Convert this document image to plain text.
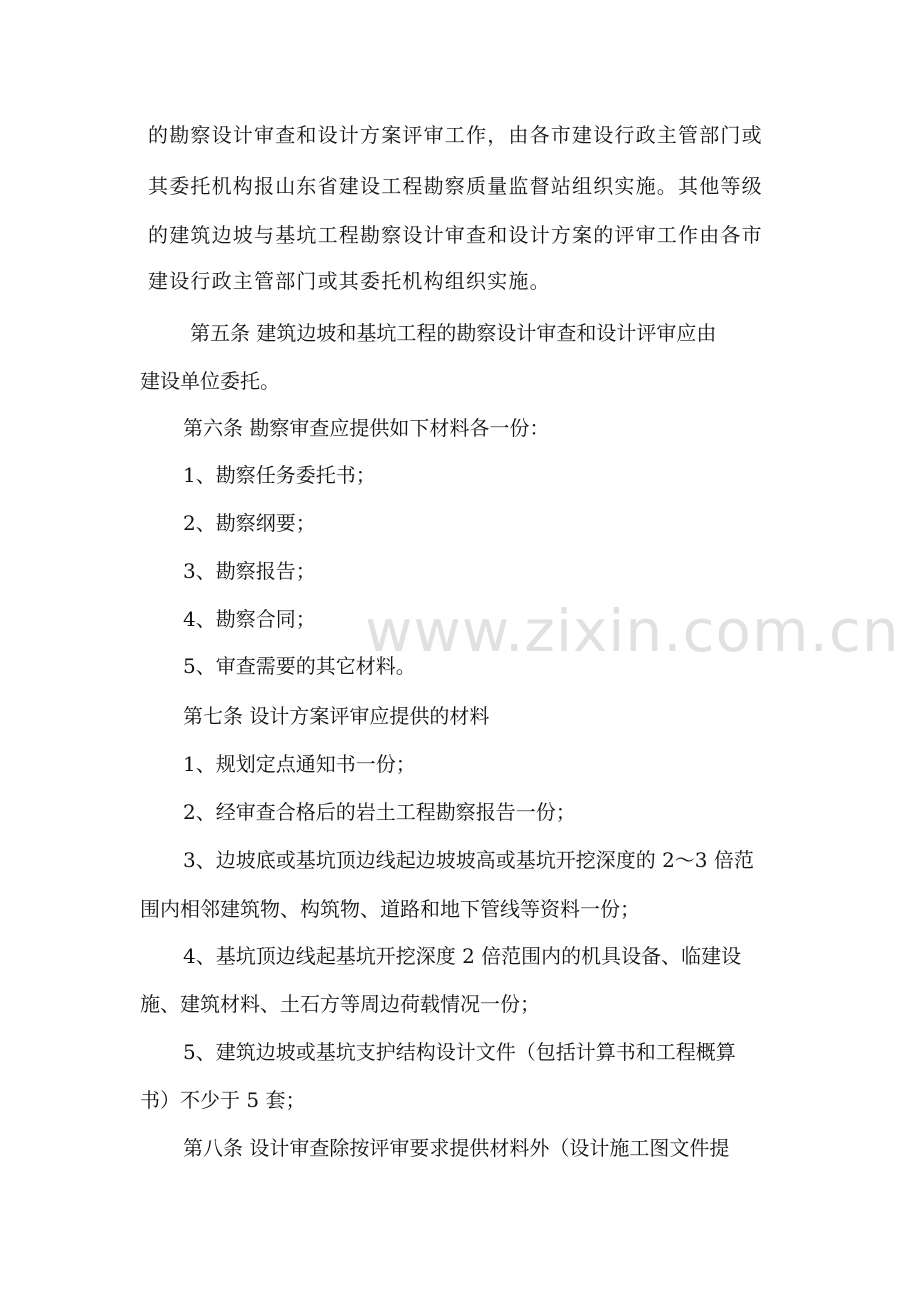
的勘察设计审查和设计方案评审工作，由各市建设行政主管部门或
其委托机构报山东省建设工程勘察质量监督站组织实施。其他等级
的建筑边坡与基坑工程勘察设计审查和设计方案的评审工作由各市
建设行政主管部门或其委托机构组织实施。
第五条 建筑边坡和基坑工程的勘察设计审查和设计评审应由
建设单位委托。
第六条 勘察审查应提供如下材料各一份：
1、勘察任务委托书；
2、勘察纲要；
3、勘察报告；
4、勘察合同；
5、审查需要的其它材料。
第七条 设计方案评审应提供的材料
1、规划定点通知书一份；
2、经审查合格后的岩土工程勘察报告一份；
3、边坡底或基坑顶边线起边坡坡高或基坑开挖深度的 2～3 倍范
围内相邻建筑物、构筑物、道路和地下管线等资料一份；
4、基坑顶边线起基坑开挖深度 2 倍范围内的机具设备、临建设
施、建筑材料、土石方等周边荷载情况一份；
5、建筑边坡或基坑支护结构设计文件（包括计算书和工程概算
书）不少于 5 套；
第八条 设计审查除按评审要求提供材料外（设计施工图文件提
www.zixin.com.cn
